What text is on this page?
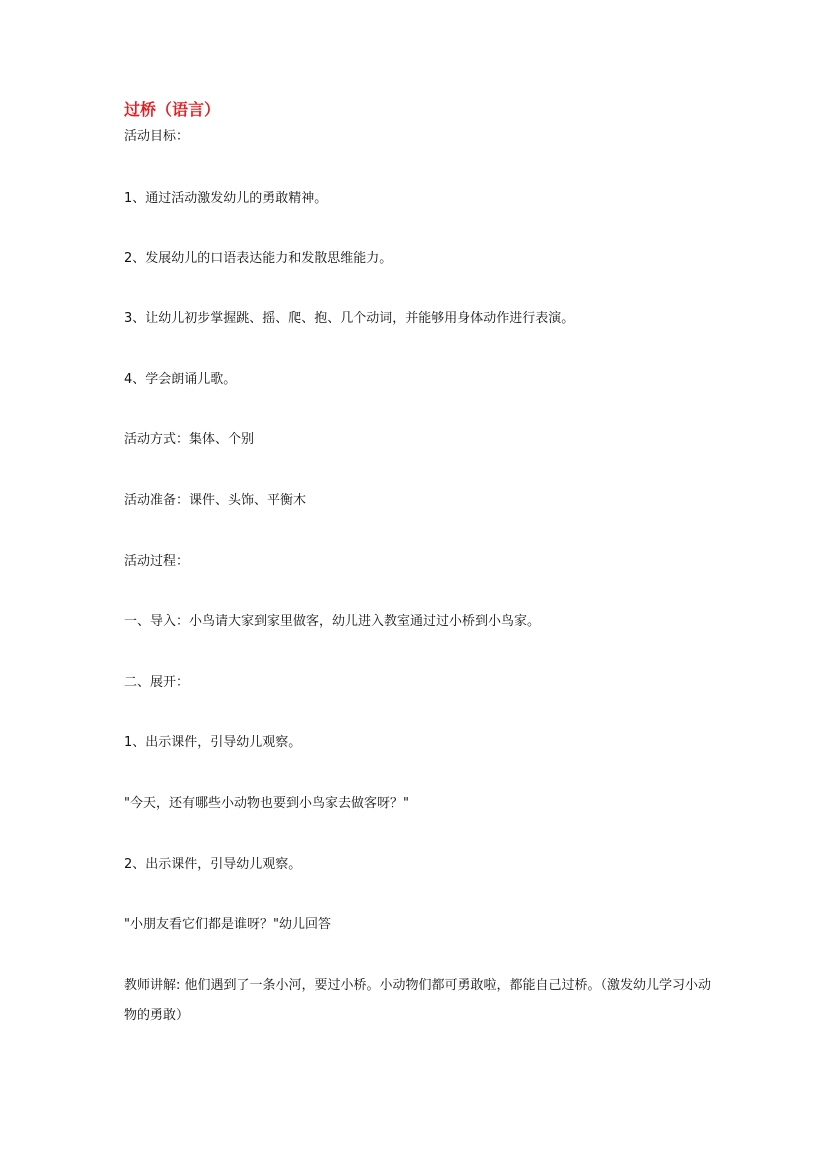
过桥（语言）
活动目标：
1、通过活动激发幼儿的勇敢精神。
2、发展幼儿的口语表达能力和发散思维能力。
3、让幼儿初步掌握跳、摇、爬、抱、几个动词，并能够用身体动作进行表演。
4、学会朗诵儿歌。
活动方式：集体、个别
活动准备：课件、头饰、平衡木
活动过程：
一、导入：小鸟请大家到家里做客，幼儿进入教室通过过小桥到小鸟家。
二、展开：
1、出示课件，引导幼儿观察。
"今天，还有哪些小动物也要到小鸟家去做客呀？"
2、出示课件，引导幼儿观察。
"小朋友看它们都是谁呀？"幼儿回答
教师讲解: 他们遇到了一条小河，要过小桥。小动物们都可勇敢啦，都能自己过桥。（激发幼儿学习小动物的勇敢）
